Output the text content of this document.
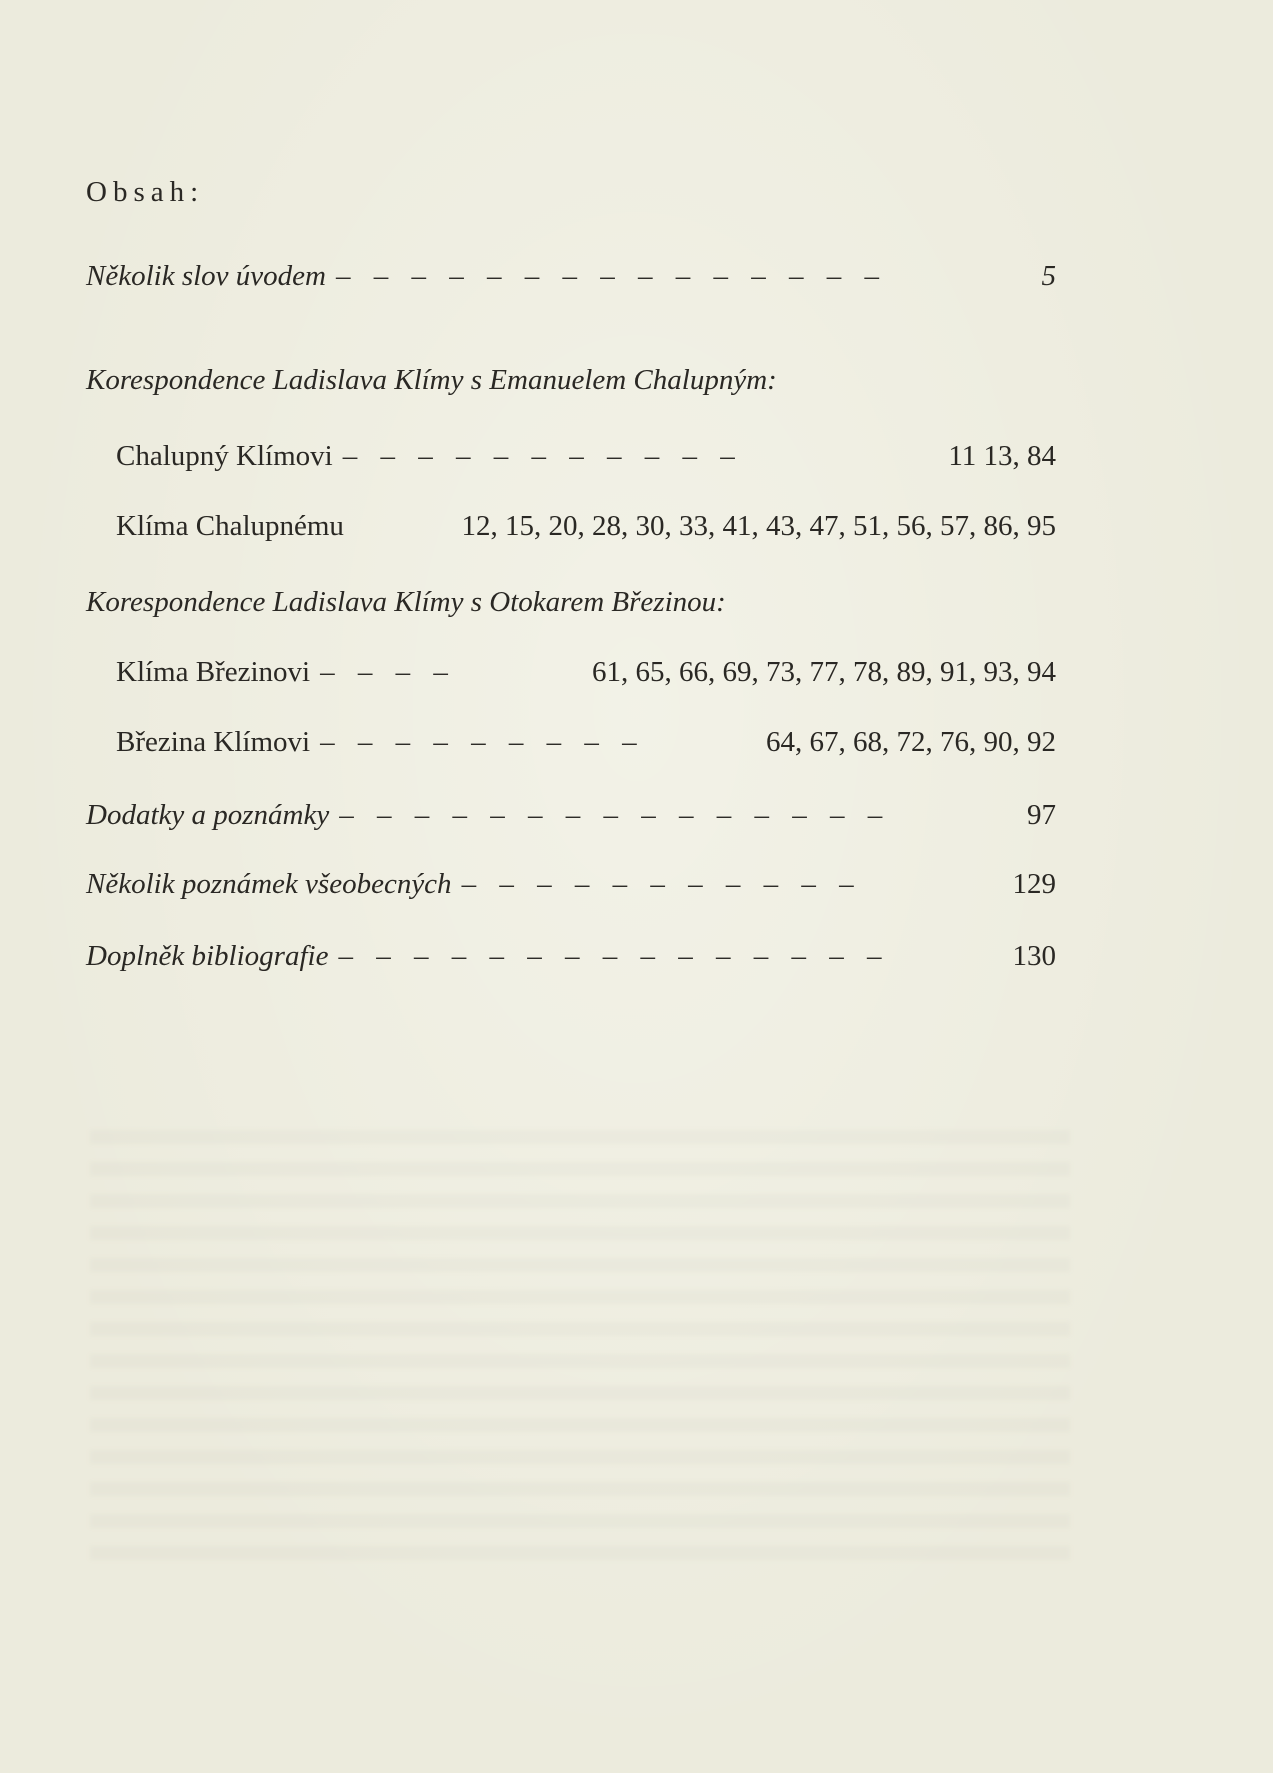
Obsah:
Několik slov úvodem – – – – – – – – – – – – – – –	5
Korespondence Ladislava Klímy s Emanuelem Chalupným:
Chalupný Klímovi – – – – – – – – – – –	11 13, 84
Klíma Chalupnému	12, 15, 20, 28, 30, 33, 41, 43, 47, 51, 56, 57, 86, 95
Korespondence Ladislava Klímy s Otokarem Březinou:
Klíma Březinovi – – – –	61, 65, 66, 69, 73, 77, 78, 89, 91, 93, 94
Březina Klímovi – – – – – – – – –	64, 67, 68, 72, 76, 90, 92
Dodatky a poznámky – – – – – – – – – – – – – – –	97
Několik poznámek všeobecných – – – – – – – – – – –	129
Doplněk bibliografie – – – – – – – – – – – – – – –	130
